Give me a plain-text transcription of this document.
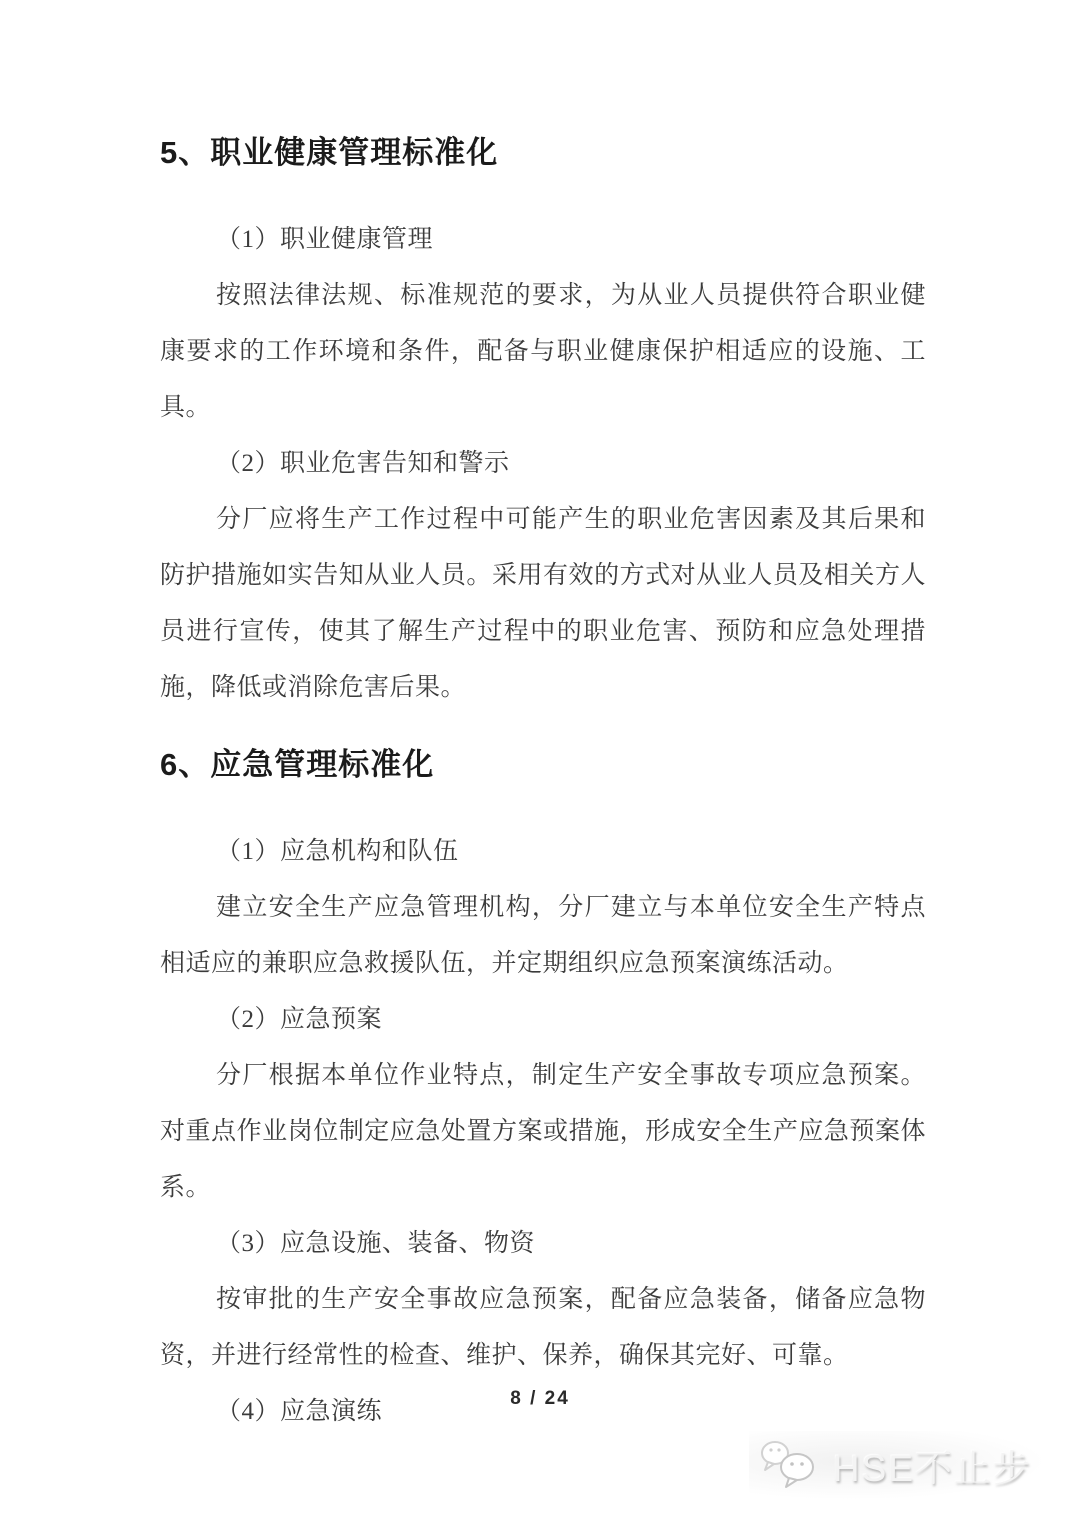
5、职业健康管理标准化

（1）职业健康管理

按照法律法规、标准规范的要求，为从业人员提供符合职业健康要求的工作环境和条件，配备与职业健康保护相适应的设施、工具。

（2）职业危害告知和警示

分厂应将生产工作过程中可能产生的职业危害因素及其后果和防护措施如实告知从业人员。采用有效的方式对从业人员及相关方人员进行宣传，使其了解生产过程中的职业危害、预防和应急处理措施，降低或消除危害后果。

6、应急管理标准化

（1）应急机构和队伍

建立安全生产应急管理机构，分厂建立与本单位安全生产特点相适应的兼职应急救援队伍，并定期组织应急预案演练活动。

（2）应急预案

分厂根据本单位作业特点，制定生产安全事故专项应急预案。对重点作业岗位制定应急处置方案或措施，形成安全生产应急预案体系。

（3）应急设施、装备、物资

按审批的生产安全事故应急预案，配备应急装备，储备应急物资，并进行经常性的检查、维护、保养，确保其完好、可靠。

（4）应急演练	8 / 24
HSE不止步
